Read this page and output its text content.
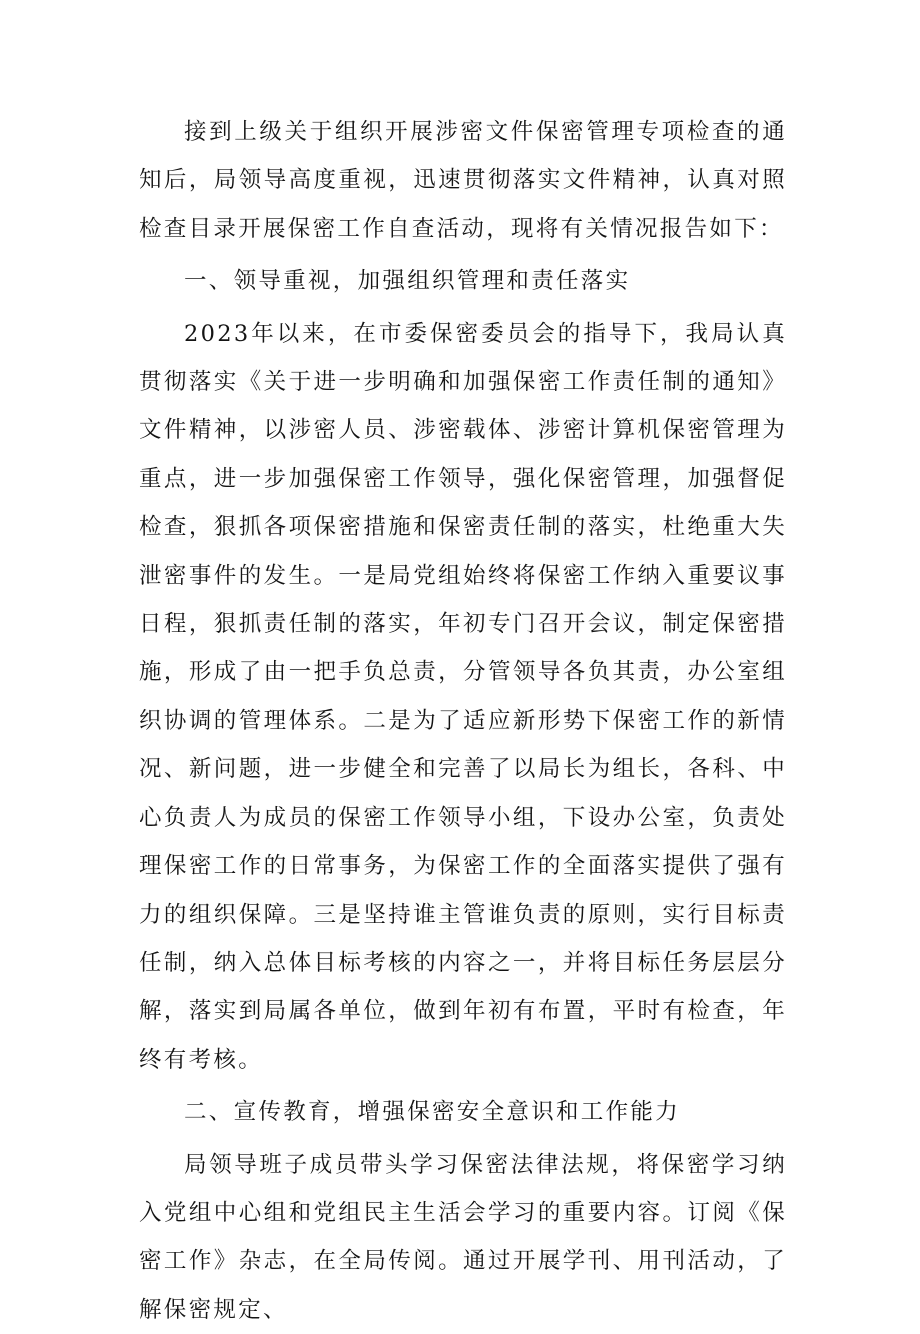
接到上级关于组织开展涉密文件保密管理专项检查的通知后，局领导高度重视，迅速贯彻落实文件精神，认真对照检查目录开展保密工作自查活动，现将有关情况报告如下：

一、领导重视，加强组织管理和责任落实

2023年以来，在市委保密委员会的指导下，我局认真贯彻落实《关于进一步明确和加强保密工作责任制的通知》文件精神，以涉密人员、涉密载体、涉密计算机保密管理为重点，进一步加强保密工作领导，强化保密管理，加强督促检查，狠抓各项保密措施和保密责任制的落实，杜绝重大失泄密事件的发生。一是局党组始终将保密工作纳入重要议事日程，狠抓责任制的落实，年初专门召开会议，制定保密措施，形成了由一把手负总责，分管领导各负其责，办公室组织协调的管理体系。二是为了适应新形势下保密工作的新情况、新问题，进一步健全和完善了以局长为组长，各科、中心负责人为成员的保密工作领导小组，下设办公室，负责处理保密工作的日常事务，为保密工作的全面落实提供了强有力的组织保障。三是坚持谁主管谁负责的原则，实行目标责任制，纳入总体目标考核的内容之一，并将目标任务层层分解，落实到局属各单位，做到年初有布置，平时有检查，年终有考核。

二、宣传教育，增强保密安全意识和工作能力

局领导班子成员带头学习保密法律法规，将保密学习纳入党组中心组和党组民主生活会学习的重要内容。订阅《保密工作》杂志，在全局传阅。通过开展学刊、用刊活动，了解保密规定、
